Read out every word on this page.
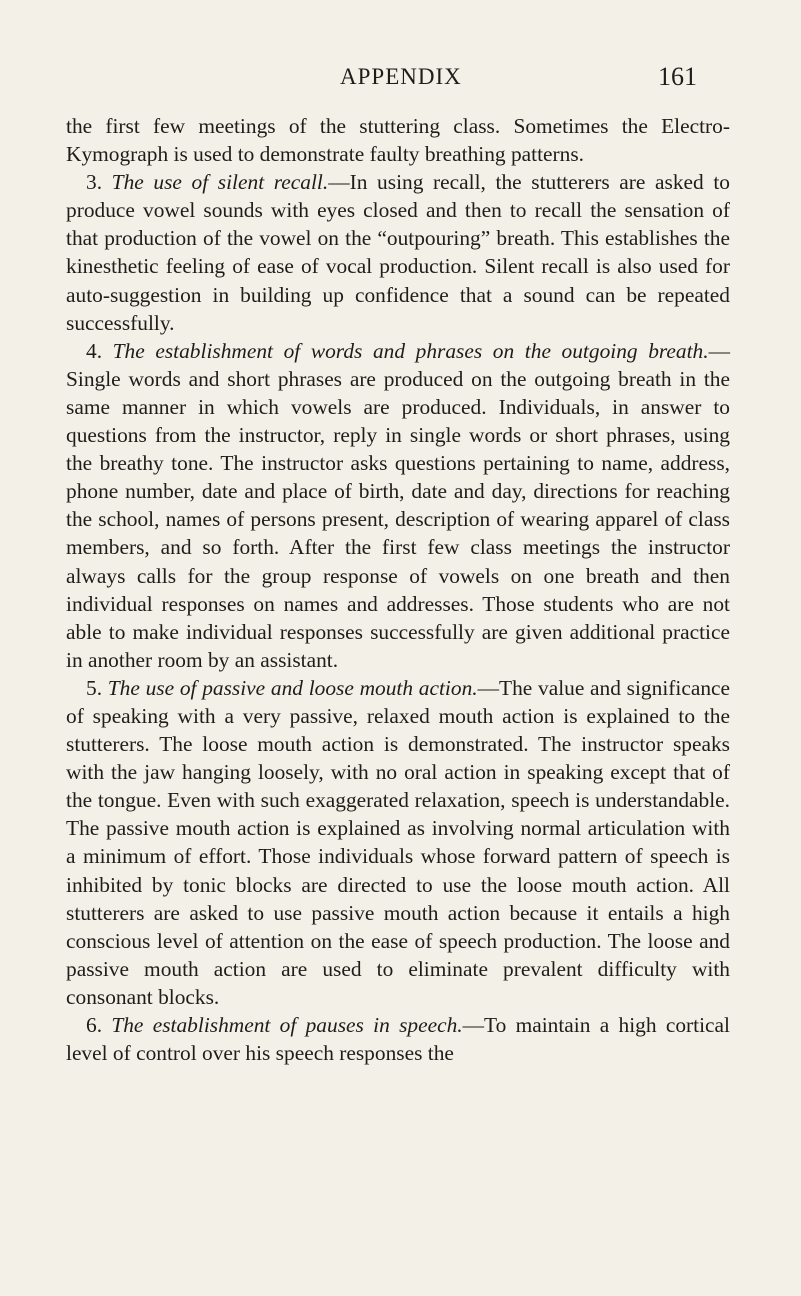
APPENDIX	161

the first few meetings of the stuttering class. Sometimes the Electro-Kymograph is used to demonstrate faulty breathing patterns.

3. The use of silent recall.—In using recall, the stutterers are asked to produce vowel sounds with eyes closed and then to recall the sensation of that production of the vowel on the “outpouring” breath. This establishes the kinesthetic feeling of ease of vocal production. Silent recall is also used for auto-suggestion in building up confidence that a sound can be repeated successfully.

4. The establishment of words and phrases on the outgoing breath.—Single words and short phrases are produced on the outgoing breath in the same manner in which vowels are produced. Individuals, in answer to questions from the instructor, reply in single words or short phrases, using the breathy tone. The instructor asks questions pertaining to name, address, phone number, date and place of birth, date and day, directions for reaching the school, names of persons present, description of wearing apparel of class members, and so forth. After the first few class meetings the instructor always calls for the group response of vowels on one breath and then individual responses on names and addresses. Those students who are not able to make individual responses successfully are given additional practice in another room by an assistant.

5. The use of passive and loose mouth action.—The value and significance of speaking with a very passive, relaxed mouth action is explained to the stutterers. The loose mouth action is demonstrated. The instructor speaks with the jaw hanging loosely, with no oral action in speaking except that of the tongue. Even with such exaggerated relaxation, speech is understandable. The passive mouth action is explained as involving normal articulation with a minimum of effort. Those individuals whose forward pattern of speech is inhibited by tonic blocks are directed to use the loose mouth action. All stutterers are asked to use passive mouth action because it entails a high conscious level of attention on the ease of speech production. The loose and passive mouth action are used to eliminate prevalent difficulty with consonant blocks.

6. The establishment of pauses in speech.—To maintain a high cortical level of control over his speech responses the
